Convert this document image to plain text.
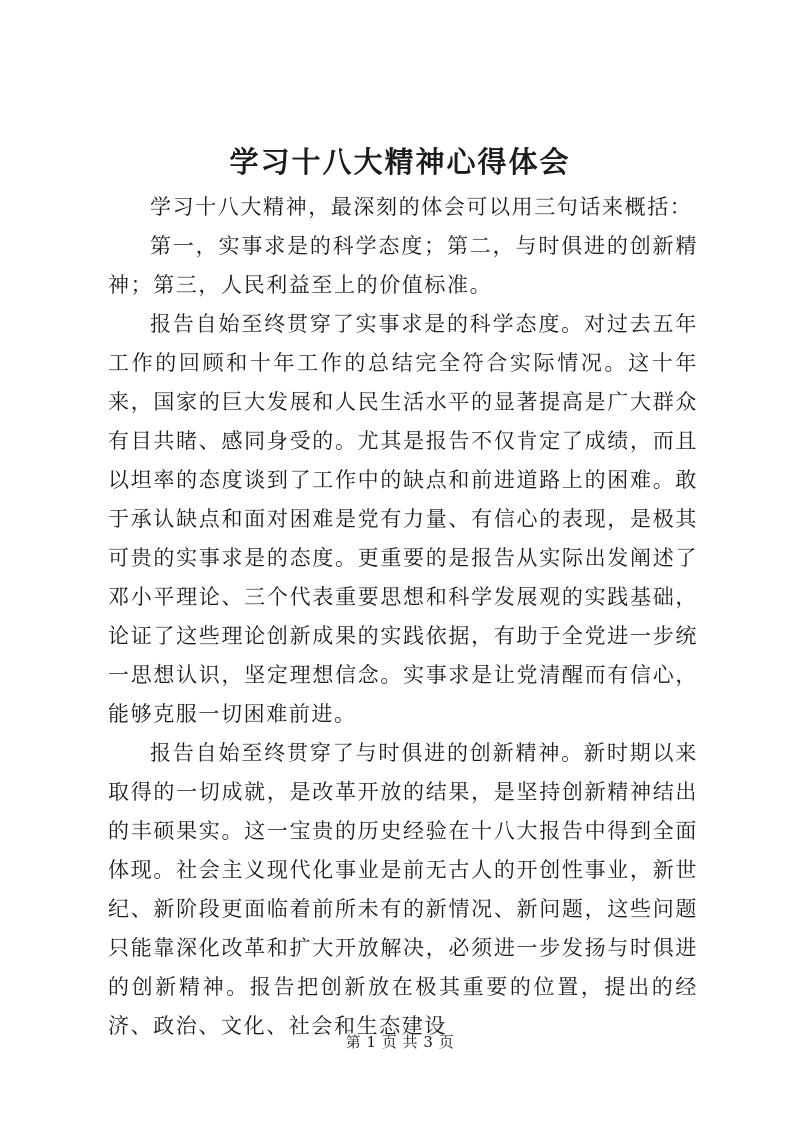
学习十八大精神心得体会

学习十八大精神，最深刻的体会可以用三句话来概括：

第一，实事求是的科学态度；第二，与时俱进的创新精神；第三，人民利益至上的价值标准。

报告自始至终贯穿了实事求是的科学态度。对过去五年工作的回顾和十年工作的总结完全符合实际情况。这十年来，国家的巨大发展和人民生活水平的显著提高是广大群众有目共睹、感同身受的。尤其是报告不仅肯定了成绩，而且以坦率的态度谈到了工作中的缺点和前进道路上的困难。敢于承认缺点和面对困难是党有力量、有信心的表现，是极其可贵的实事求是的态度。更重要的是报告从实际出发阐述了邓小平理论、三个代表重要思想和科学发展观的实践基础，论证了这些理论创新成果的实践依据，有助于全党进一步统一思想认识，坚定理想信念。实事求是让党清醒而有信心，能够克服一切困难前进。

报告自始至终贯穿了与时俱进的创新精神。新时期以来取得的一切成就，是改革开放的结果，是坚持创新精神结出的丰硕果实。这一宝贵的历史经验在十八大报告中得到全面体现。社会主义现代化事业是前无古人的开创性事业，新世纪、新阶段更面临着前所未有的新情况、新问题，这些问题只能靠深化改革和扩大开放解决，必须进一步发扬与时俱进的创新精神。报告把创新放在极其重要的位置，提出的经济、政治、文化、社会和生态建设

第 1 页 共 3 页
